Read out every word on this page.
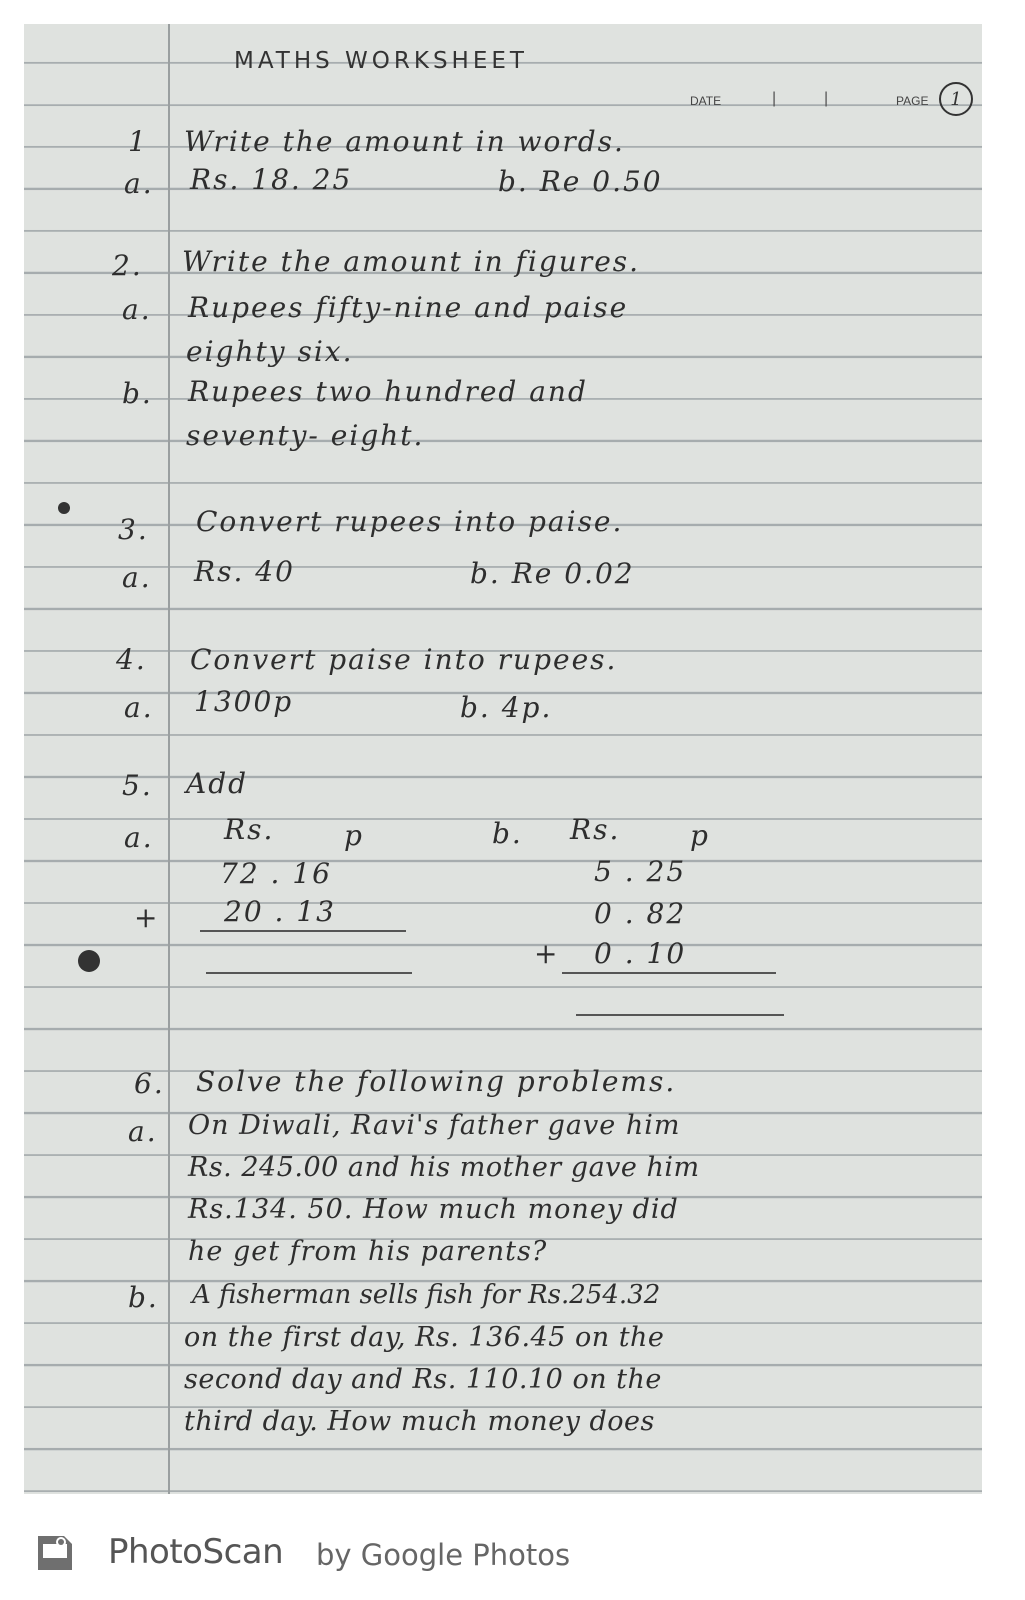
MATHS WORKSHEET
DATE	|	|	PAGE	1
1 Write the amount in words.
a. Rs. 18. 25	b. Re 0.50
2. Write the amount in figures.
a. Rupees fifty-nine and paise
eighty six.
b. Rupees two hundred and
seventy- eight.
3. Convert rupees into paise.
a. Rs. 40	b. Re 0.02
4. Convert paise into rupees.
a. 1300p	b. 4p.
5. Add
a.	Rs. p
72 . 16
+ 20 . 13
b. Rs. p
5 . 25
0 . 82
+ 0 . 10
6. Solve the following problems.
a. On Diwali, Ravi's father gave him
Rs. 245.00 and his mother gave him
Rs.134. 50. How much money did
he get from his parents?
b. A fisherman sells fish for Rs.254.32
on the first day, Rs. 136.45 on the
second day and Rs. 110.10 on the
third day. How much money does
PhotoScan by Google Photos
